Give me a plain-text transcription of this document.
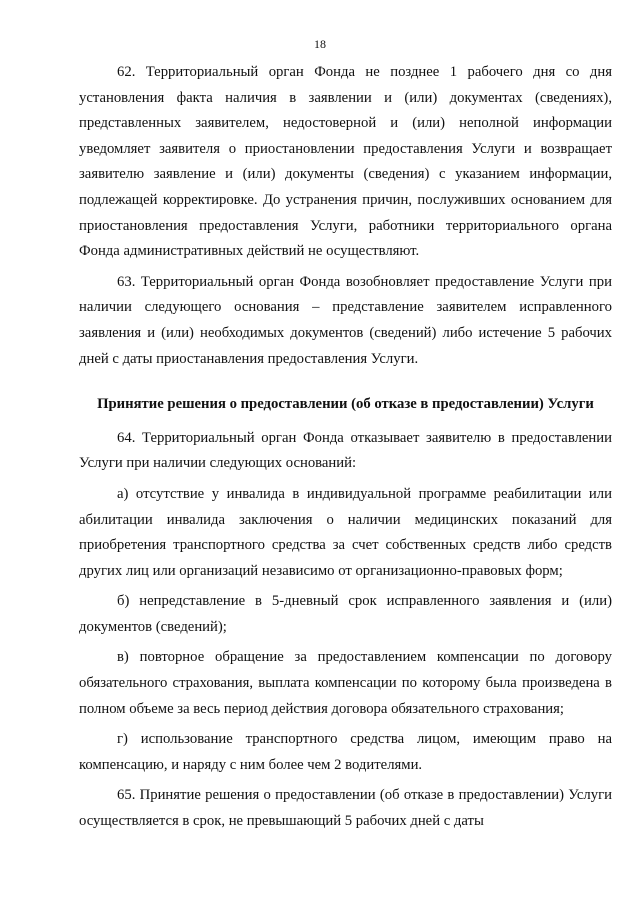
18

62. Территориальный орган Фонда не позднее 1 рабочего дня со дня установления факта наличия в заявлении и (или) документах (сведениях), представленных заявителем, недостоверной и (или) неполной информации уведомляет заявителя о приостановлении предоставления Услуги и возвращает заявителю заявление и (или) документы (сведения) с указанием информации, подлежащей корректировке. До устранения причин, послуживших основанием для приостановления предоставления Услуги, работники территориального органа Фонда административных действий не осуществляют.

63. Территориальный орган Фонда возобновляет предоставление Услуги при наличии следующего основания – представление заявителем исправленного заявления и (или) необходимых документов (сведений) либо истечение 5 рабочих дней с даты приостанавления предоставления Услуги.

Принятие решения о предоставлении (об отказе в предоставлении) Услуги

64. Территориальный орган Фонда отказывает заявителю в предоставлении Услуги при наличии следующих оснований:

а) отсутствие у инвалида в индивидуальной программе реабилитации или абилитации инвалида заключения о наличии медицинских показаний для приобретения транспортного средства за счет собственных средств либо средств других лиц или организаций независимо от организационно-правовых форм;

б) непредставление в 5-дневный срок исправленного заявления и (или) документов (сведений);

в) повторное обращение за предоставлением компенсации по договору обязательного страхования, выплата компенсации по которому была произведена в полном объеме за весь период действия договора обязательного страхования;

г) использование транспортного средства лицом, имеющим право на компенсацию, и наряду с ним более чем 2 водителями.

65. Принятие решения о предоставлении (об отказе в предоставлении) Услуги осуществляется в срок, не превышающий 5 рабочих дней с даты
